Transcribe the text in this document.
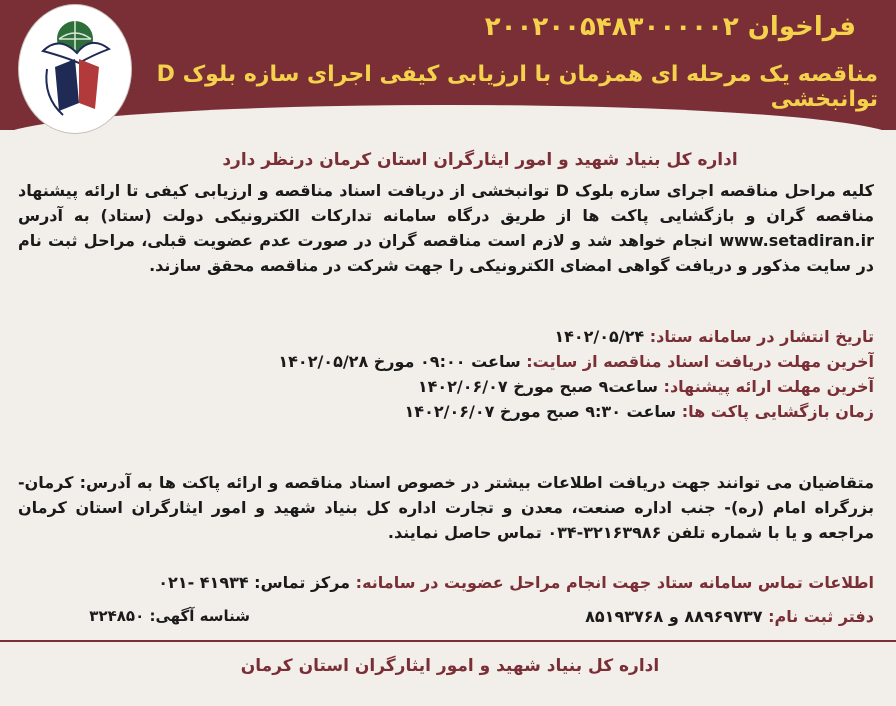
فراخوان ۲۰۰۲۰۰۵۴۸۳۰۰۰۰۰۲
مناقصه یک مرحله ای همزمان با ارزیابی کیفی اجرای سازه بلوک D توانبخشی
اداره کل بنیاد شهید و امور ایثارگران استان کرمان درنظر دارد
کلیه مراحل مناقصه اجرای سازه بلوک D توانبخشی از دریافت اسناد مناقصه و ارزیابی کیفی تا ارائه پیشنهاد مناقصه گران و بازگشایی پاکت ها از طریق درگاه سامانه تدارکات الکترونیکی دولت (ستاد) به آدرس www.setadiran.ir انجام خواهد شد و لازم است مناقصه گران در صورت عدم عضویت قبلی، مراحل ثبت نام در سایت مذکور و دریافت گواهی امضای الکترونیکی را جهت شرکت در مناقصه محقق سازند.
تاریخ انتشار در سامانه ستاد: ۱۴۰۲/۰۵/۲۴
آخرین مهلت دریافت اسناد مناقصه از سایت: ساعت ۰۹:۰۰ مورخ ۱۴۰۲/۰۵/۲۸
آخرین مهلت ارائه پیشنهاد: ساعت۹ صبح مورخ ۱۴۰۲/۰۶/۰۷
زمان بازگشایی پاکت ها: ساعت ۹:۳۰ صبح مورخ ۱۴۰۲/۰۶/۰۷
متقاضیان می توانند جهت دریافت اطلاعات بیشتر در خصوص اسناد مناقصه و ارائه پاکت ها به آدرس: کرمان- بزرگراه امام (ره)- جنب اداره صنعت، معدن و تجارت اداره کل بنیاد شهید و امور ایثارگران استان کرمان مراجعه و یا با شماره تلفن ۳۲۱۶۳۹۸۶-۰۳۴ تماس حاصل نمایند.
اطلاعات تماس سامانه ستاد جهت انجام مراحل عضویت در سامانه: مرکز تماس: ۴۱۹۳۴ -۰۲۱
دفتر ثبت نام: ۸۸۹۶۹۷۳۷ و ۸۵۱۹۳۷۶۸
شناسه آگهی: ۳۲۴۸۵۰
اداره کل بنیاد شهید و امور ایثارگران استان کرمان
